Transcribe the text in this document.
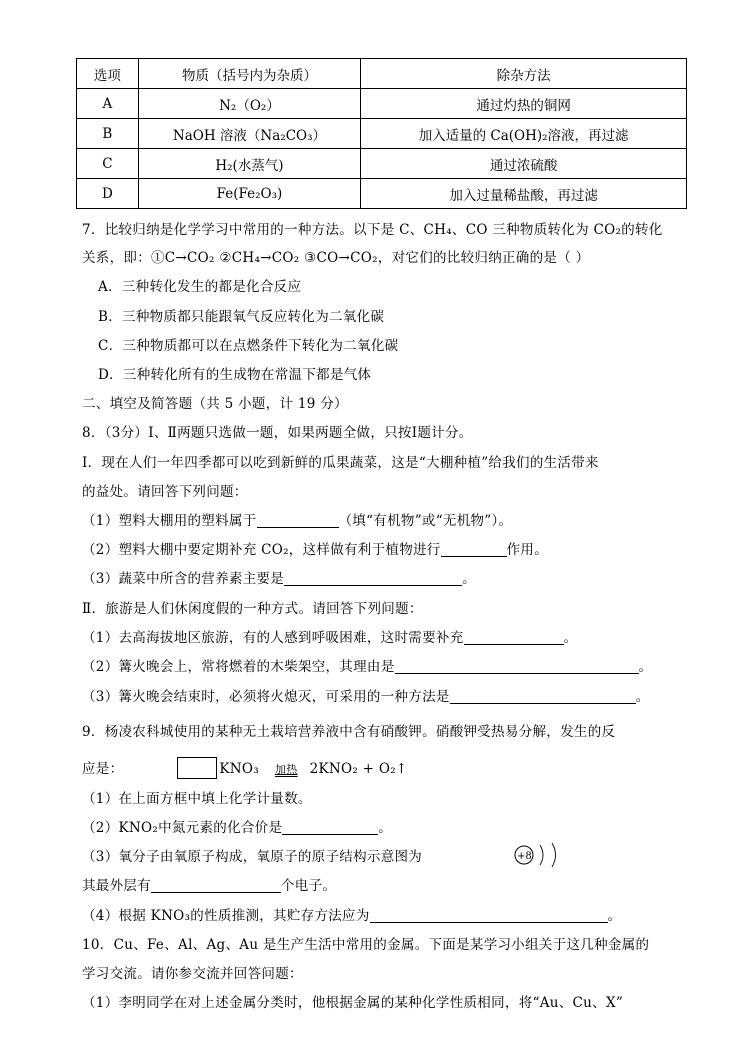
选项	物质（括号内为杂质）	除杂方法
A	N₂（O₂）	通过灼热的铜网
B	NaOH 溶液（Na₂CO₃）	加入适量的 Ca(OH)₂溶液，再过滤
C	H₂(水蒸气)	通过浓硫酸
D	Fe(Fe₂O₃)	加入过量稀盐酸，再过滤
7．比较归纳是化学学习中常用的一种方法。以下是 C、CH₄、CO 三种物质转化为 CO₂的转化
关系，即：①C→CO₂ ②CH₄→CO₂ ③CO→CO₂，对它们的比较归纳正确的是（ ）
A．三种转化发生的都是化合反应
B．三种物质都只能跟氧气反应转化为二氧化碳
C．三种物质都可以在点燃条件下转化为二氧化碳
D．三种转化所有的生成物在常温下都是气体
二、填空及简答题（共 5 小题，计 19 分）
8．（3分）Ⅰ、Ⅱ两题只选做一题，如果两题全做，只按Ⅰ题计分。
Ⅰ．现在人们一年四季都可以吃到新鲜的瓜果蔬菜，这是“大棚种植”给我们的生活带来
的益处。请回答下列问题：
（1）塑料大棚用的塑料属于	（填“有机物”或“无机物”）。
（2）塑料大棚中要定期补充 CO₂，这样做有利于植物进行	作用。
（3）蔬菜中所含的营养素主要是	。
Ⅱ．旅游是人们休闲度假的一种方式。请回答下列问题：
（1）去高海拔地区旅游，有的人感到呼吸困难，这时需要补充	。
（2）篝火晚会上，常将燃着的木柴架空，其理由是	。
（3）篝火晚会结束时，必须将火熄灭，可采用的一种方法是	。
9．杨凌农科城使用的某种无土栽培营养液中含有硝酸钾。硝酸钾受热易分解，发生的反
应是：	KNO₃ 加热 2KNO₂ + O₂↑
（1）在上面方框中填上化学计量数。
（2）KNO₂中氮元素的化合价是	。
（3）氧分子由氧原子构成，氧原子的原子结构示意图为	+8
其最外层有	个电子。
（4）根据 KNO₃的性质推测，其贮存方法应为	。
10．Cu、Fe、Al、Ag、Au 是生产生活中常用的金属。下面是某学习小组关于这几种金属的
学习交流。请你参交流并回答问题：
（1）李明同学在对上述金属分类时，他根据金属的某种化学性质相同，将“Au、Cu、X”
